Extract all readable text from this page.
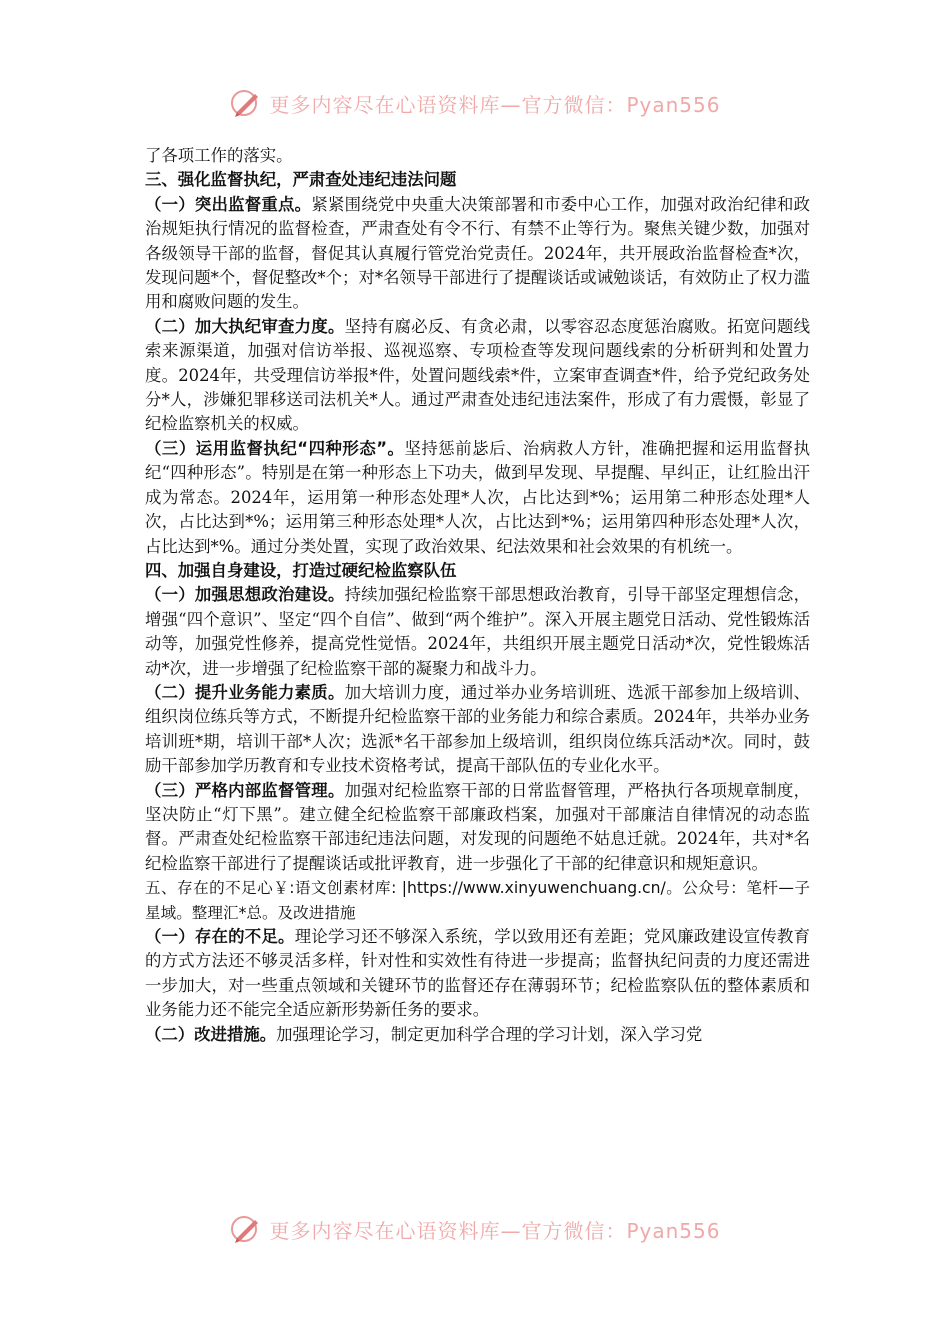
更多内容尽在心语资料库—官方微信：Pyan556

了各项工作的落实。

三、强化监督执纪，严肃查处违纪违法问题

（一）突出监督重点。紧紧围绕党中央重大决策部署和市委中心工作，加强对政治纪律和政治规矩执行情况的监督检查，严肃查处有令不行、有禁不止等行为。聚焦关键少数，加强对各级领导干部的监督，督促其认真履行管党治党责任。2024年，共开展政治监督检查*次，发现问题*个，督促整改*个；对*名领导干部进行了提醒谈话或诫勉谈话，有效防止了权力滥用和腐败问题的发生。

（二）加大执纪审查力度。坚持有腐必反、有贪必肃，以零容忍态度惩治腐败。拓宽问题线索来源渠道，加强对信访举报、巡视巡察、专项检查等发现问题线索的分析研判和处置力度。2024年，共受理信访举报*件，处置问题线索*件，立案审查调查*件，给予党纪政务处分*人，涉嫌犯罪移送司法机关*人。通过严肃查处违纪违法案件，形成了有力震慑，彰显了纪检监察机关的权威。

（三）运用监督执纪“四种形态”。坚持惩前毖后、治病救人方针，准确把握和运用监督执纪“四种形态”。特别是在第一种形态上下功夫，做到早发现、早提醒、早纠正，让红脸出汗成为常态。2024年，运用第一种形态处理*人次，占比达到*%；运用第二种形态处理*人次，占比达到*%；运用第三种形态处理*人次，占比达到*%；运用第四种形态处理*人次，占比达到*%。通过分类处置，实现了政治效果、纪法效果和社会效果的有机统一。

四、加强自身建设，打造过硬纪检监察队伍

（一）加强思想政治建设。持续加强纪检监察干部思想政治教育，引导干部坚定理想信念，增强“四个意识”、坚定“四个自信”、做到“两个维护”。深入开展主题党日活动、党性锻炼活动等，加强党性修养，提高党性觉悟。2024年，共组织开展主题党日活动*次，党性锻炼活动*次，进一步增强了纪检监察干部的凝聚力和战斗力。

（二）提升业务能力素质。加大培训力度，通过举办业务培训班、选派干部参加上级培训、组织岗位练兵等方式，不断提升纪检监察干部的业务能力和综合素质。2024年，共举办业务培训班*期，培训干部*人次；选派*名干部参加上级培训，组织岗位练兵活动*次。同时，鼓励干部参加学历教育和专业技术资格考试，提高干部队伍的专业化水平。

（三）严格内部监督管理。加强对纪检监察干部的日常监督管理，严格执行各项规章制度，坚决防止“灯下黑”。建立健全纪检监察干部廉政档案，加强对干部廉洁自律情况的动态监督。严肃查处纪检监察干部违纪违法问题，对发现的问题绝不姑息迁就。2024年，共对*名纪检监察干部进行了提醒谈话或批评教育，进一步强化了干部的纪律意识和规矩意识。

五、存在的不足心￥:语文创素材库: |https://www.xinyuwenchuang.cn/。公众号：笔杆—子星域。整理汇*总。及改进措施

（一）存在的不足。理论学习还不够深入系统，学以致用还有差距；党风廉政建设宣传教育的方式方法还不够灵活多样，针对性和实效性有待进一步提高；监督执纪问责的力度还需进一步加大，对一些重点领域和关键环节的监督还存在薄弱环节；纪检监察队伍的整体素质和业务能力还不能完全适应新形势新任务的要求。

（二）改进措施。加强理论学习，制定更加科学合理的学习计划，深入学习党

更多内容尽在心语资料库—官方微信：Pyan556
